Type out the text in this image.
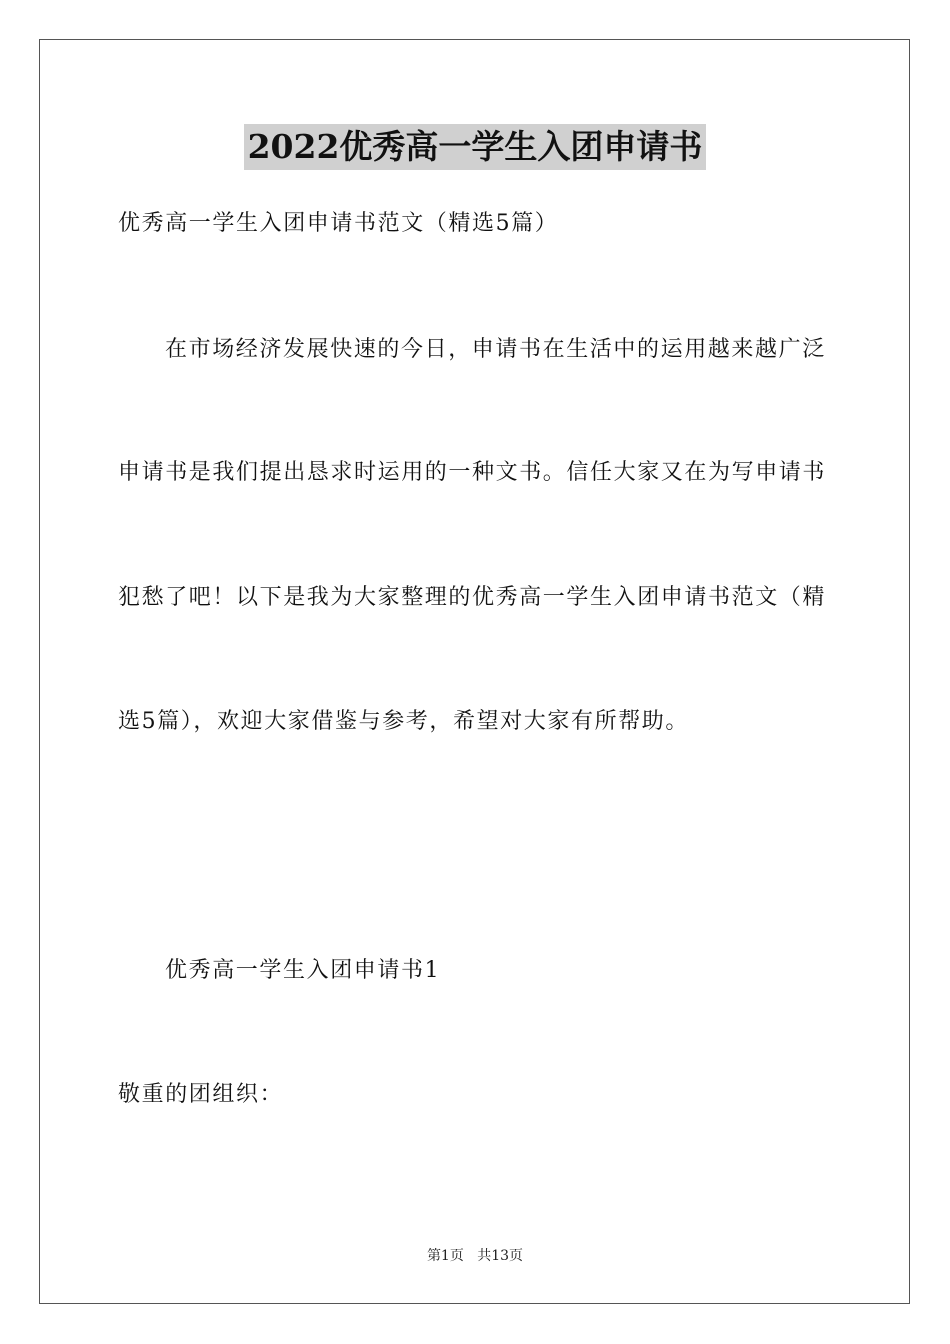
2022优秀高一学生入团申请书
优秀高一学生入团申请书范文（精选5篇）
在市场经济发展快速的今日，申请书在生活中的运用越来越广泛
申请书是我们提出恳求时运用的一种文书。信任大家又在为写申请书
犯愁了吧！以下是我为大家整理的优秀高一学生入团申请书范文（精
选5篇），欢迎大家借鉴与参考，希望对大家有所帮助。
优秀高一学生入团申请书1
敬重的团组织：
第1页 共13页
